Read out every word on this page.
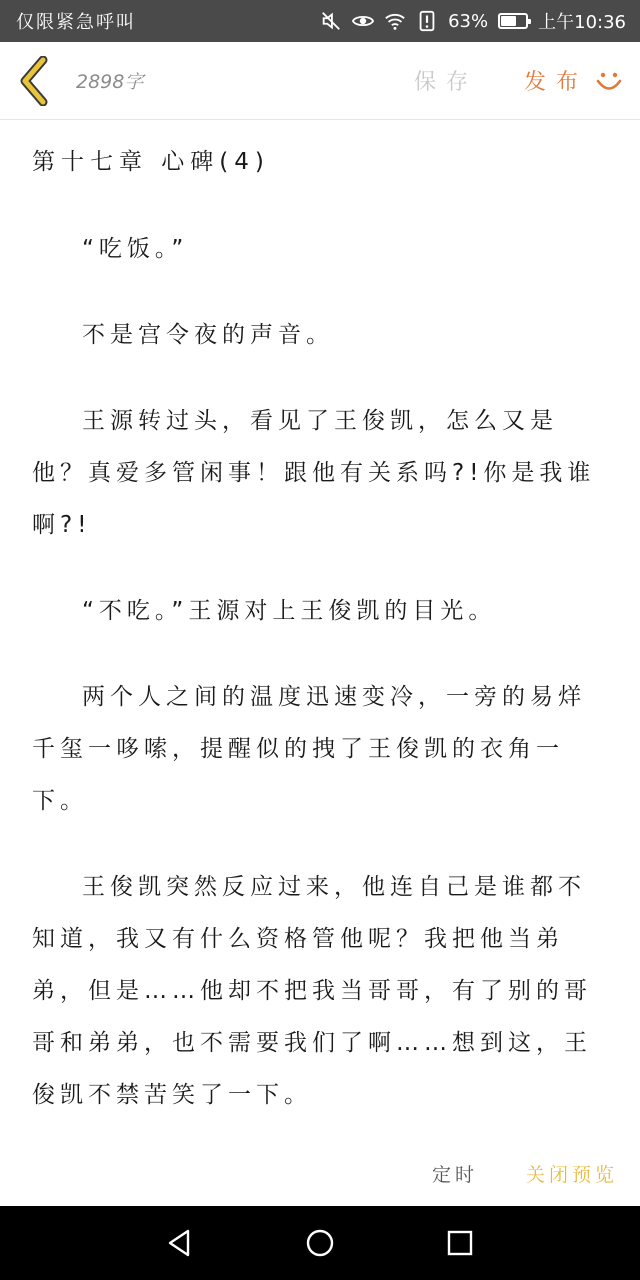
仅限紧急呼叫	63%	上午10:36
2898字	保存 发布
第十七章 心碑(4)

“吃饭。”

不是宫令夜的声音。

王源转过头，看见了王俊凯，怎么又是他？真爱多管闲事！跟他有关系吗?!你是我谁啊?!

“不吃。”王源对上王俊凯的目光。

两个人之间的温度迅速变冷，一旁的易烊千玺一哆嗦，提醒似的拽了王俊凯的衣角一下。

王俊凯突然反应过来，他连自己是谁都不知道，我又有什么资格管他呢？我把他当弟弟，但是……他却不把我当哥哥，有了别的哥哥和弟弟，也不需要我们了啊……想到这，王俊凯不禁苦笑了一下。

定时	关闭预览
